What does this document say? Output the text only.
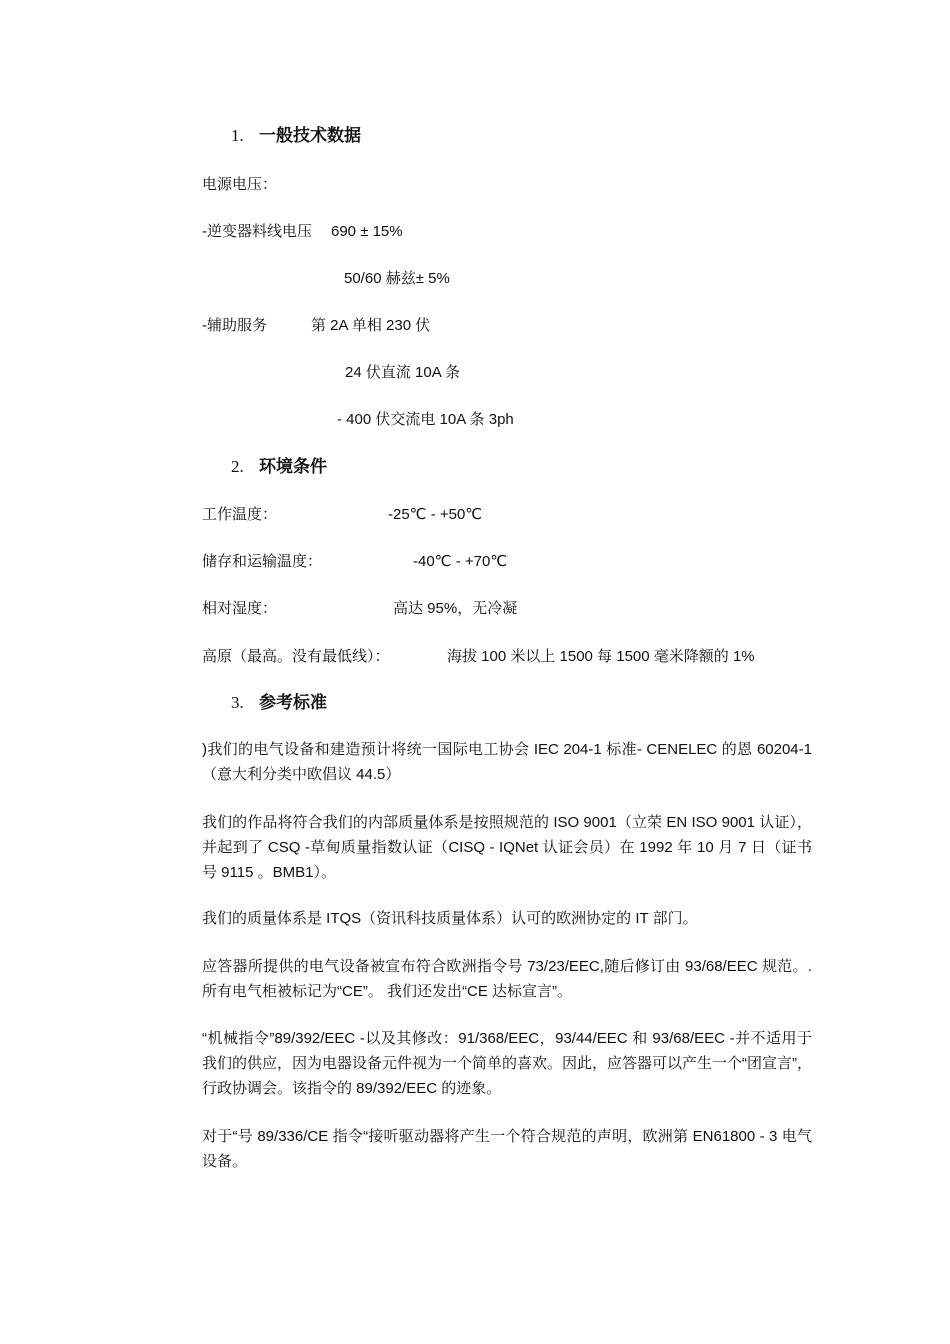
1. 一般技术数据
电源电压：
-逆变器料线电压 690 ± 15%
50/60 赫兹± 5%
-辅助服务	第 2A 单相 230 伏
24 伏直流 10A 条
- 400 伏交流电 10A 条 3ph
2. 环境条件
工作温度：	-25℃ - +50℃
储存和运输温度：	-40℃ - +70℃
相对湿度：	高达 95%，无冷凝
高原（最高。没有最低线）：	海拔 100 米以上 1500 每 1500 毫米降额的 1%
3. 参考标准
)我们的电气设备和建造预计将统一国际电工协会 IEC 204-1 标准- CENELEC 的恩 60204-1（意大利分类中欧倡议 44.5）
我们的作品将符合我们的内部质量体系是按照规范的 ISO 9001（立荣 EN ISO 9001 认证），并起到了 CSQ -草甸质量指数认证（CISQ - IQNet 认证会员）在 1992 年 10 月 7 日（证书号 9115 。BMB1）。
我们的质量体系是 ITQS（资讯科技质量体系）认可的欧洲协定的 IT 部门。
应答器所提供的电气设备被宣布符合欧洲指令号 73/23/EEC,随后修订由 93/68/EEC 规范。. 所有电气柜被标记为“CE”。 我们还发出“CE 达标宣言”。
“机械指令”89/392/EEC -以及其修改：91/368/EEC，93/44/EEC 和 93/68/EEC -并不适用于我们的供应，因为电器设备元件视为一个简单的喜欢。因此，应答器可以产生一个“团宣言”，行政协调会。该指令的 89/392/EEC 的迹象。
对于“号 89/336/CE 指令“接听驱动器将产生一个符合规范的声明，欧洲第 EN61800 - 3 电气设备。
